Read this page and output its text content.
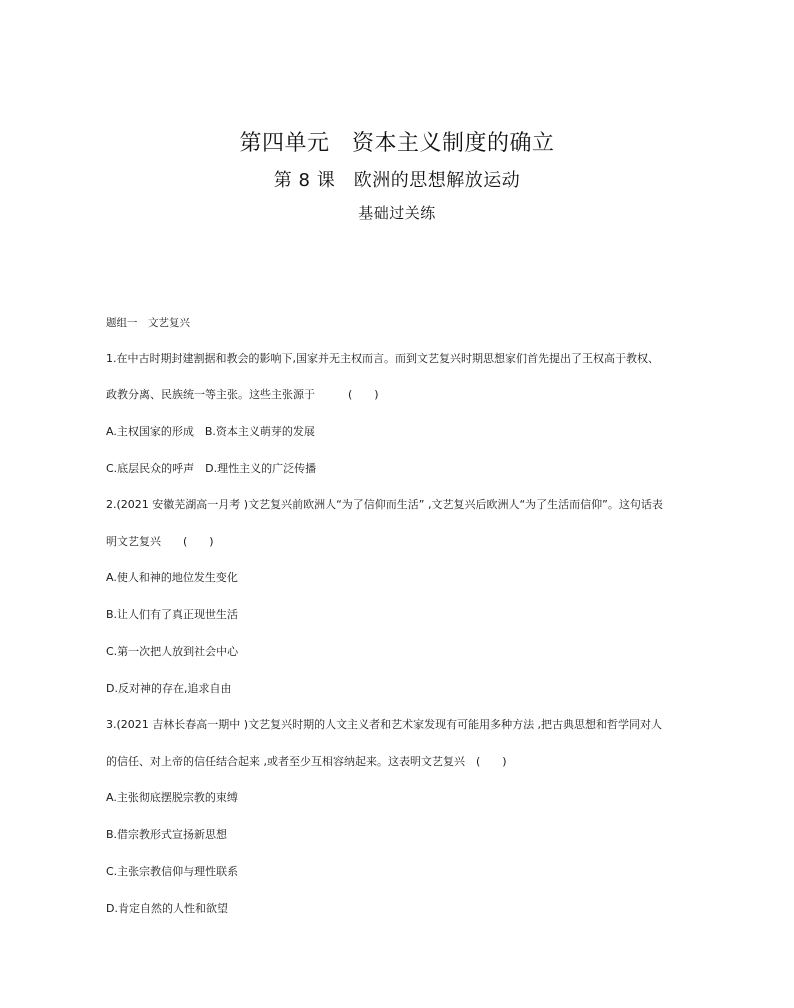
第四单元　资本主义制度的确立
第 8 课　欧洲的思想解放运动
基础过关练
题组一　文艺复兴
1.在中古时期封建割据和教会的影响下,国家并无主权而言。而到文艺复兴时期思想家们首先提出了王权高于教权、
政教分离、民族统一等主张。这些主张源于　　　(　　)
A.主权国家的形成　B.资本主义萌芽的发展
C.底层民众的呼声　D.理性主义的广泛传播
2.(2021 安徽芜湖高一月考 )文艺复兴前欧洲人“为了信仰而生活” ,文艺复兴后欧洲人“为了生活而信仰”。这句话表
明文艺复兴　　(　　)
A.使人和神的地位发生变化
B.让人们有了真正现世生活
C.第一次把人放到社会中心
D.反对神的存在,追求自由
3.(2021 吉林长春高一期中 )文艺复兴时期的人文主义者和艺术家发现有可能用多种方法 ,把古典思想和哲学同对人
的信任、对上帝的信任结合起来 ,或者至少互相容纳起来。这表明文艺复兴　(　　)
A.主张彻底摆脱宗教的束缚
B.借宗教形式宣扬新思想
C.主张宗教信仰与理性联系
D.肯定自然的人性和欲望
